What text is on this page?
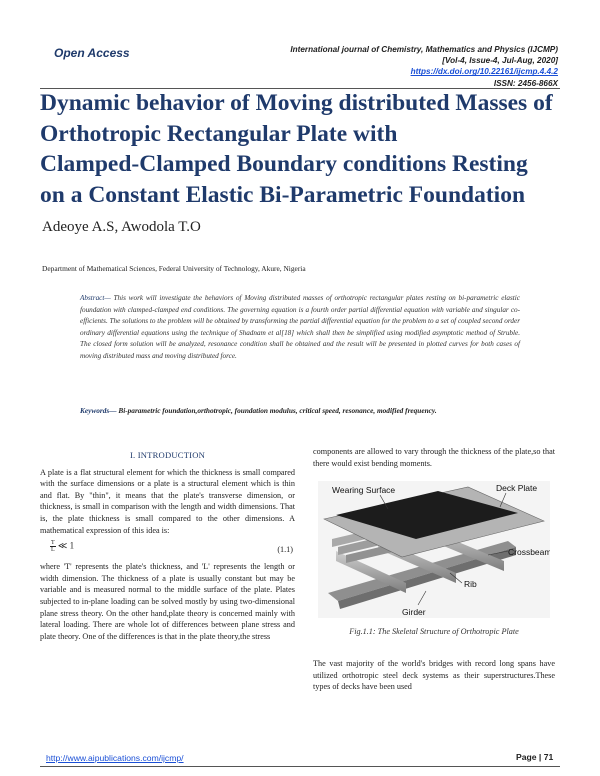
Open Access	International journal of Chemistry, Mathematics and Physics (IJCMP)
[Vol-4, Issue-4, Jul-Aug, 2020]
https://dx.doi.org/10.22161/ijcmp.4.4.2
ISSN: 2456-866X
Dynamic behavior of Moving distributed Masses of
Orthotropic Rectangular Plate with
Clamped-Clamped Boundary conditions Resting
on a Constant Elastic Bi-Parametric Foundation
Adeoye A.S, Awodola T.O
Department of Mathematical Sciences, Federal University of Technology, Akure, Nigeria
Abstract— This work will investigate the behaviors of Moving distributed masses of orthotropic rectangular plates resting on bi-parametric elastic foundation with clamped-clamped end conditions. The governing equation is a fourth order partial differential equation with variable and singular co-efficients. The solutions to the problem will be obtained by transforming the partial differential equation for the problem to a set of coupled second order ordinary differential equations using the technique of Shadnam et al[18] which shall then be simplified using modified asymptotic method of Struble. The closed form solution will be analyzed, resonance condition shall be obtained and the result will be presented in plotted curves for both cases of moving distributed mass and moving distributed force.
Keywords— Bi-parametric foundation,orthotropic, foundation modulus, critical speed, resonance, modified frequency.
I. INTRODUCTION

A plate is a flat structural element for which the thickness is small compared with the surface dimensions or a plate is a structural element which is thin and flat. By "thin", it means that the plate's transverse dimension, or thickness, is small in comparison with the length and width dimensions. That is, the plate thickness is small compared to the other dimensions. A mathematical expression of this idea is:

$\frac{T}{L}$ ≪ 1	(1.1)

where 'T' represents the plate's thickness, and 'L' represents the length or width dimension. The thickness of a plate is usually constant but may be variable and is measured normal to the middle surface of the plate. Plates subjected to in-plane loading can be solved mostly by using two-dimensional plane stress theory. On the other hand,plate theory is concerned mainly with lateral loading. There are whole lot of differences between plane stress and plate theory. One of the differences is that in the plate theory,the stress

components are allowed to vary through the thickness of the plate,so that there would exist bending moments.

Wearing Surface	Deck Plate
Crossbeam
Rib
Girder
Fig.1.1: The Skeletal Structure of Orthotropic Plate

The vast majority of the world's bridges with record long spans have utilized orthotropic steel deck systems as their superstructures.These types of decks have been used

http://www.aipublications.com/ijcmp/	Page | 71
